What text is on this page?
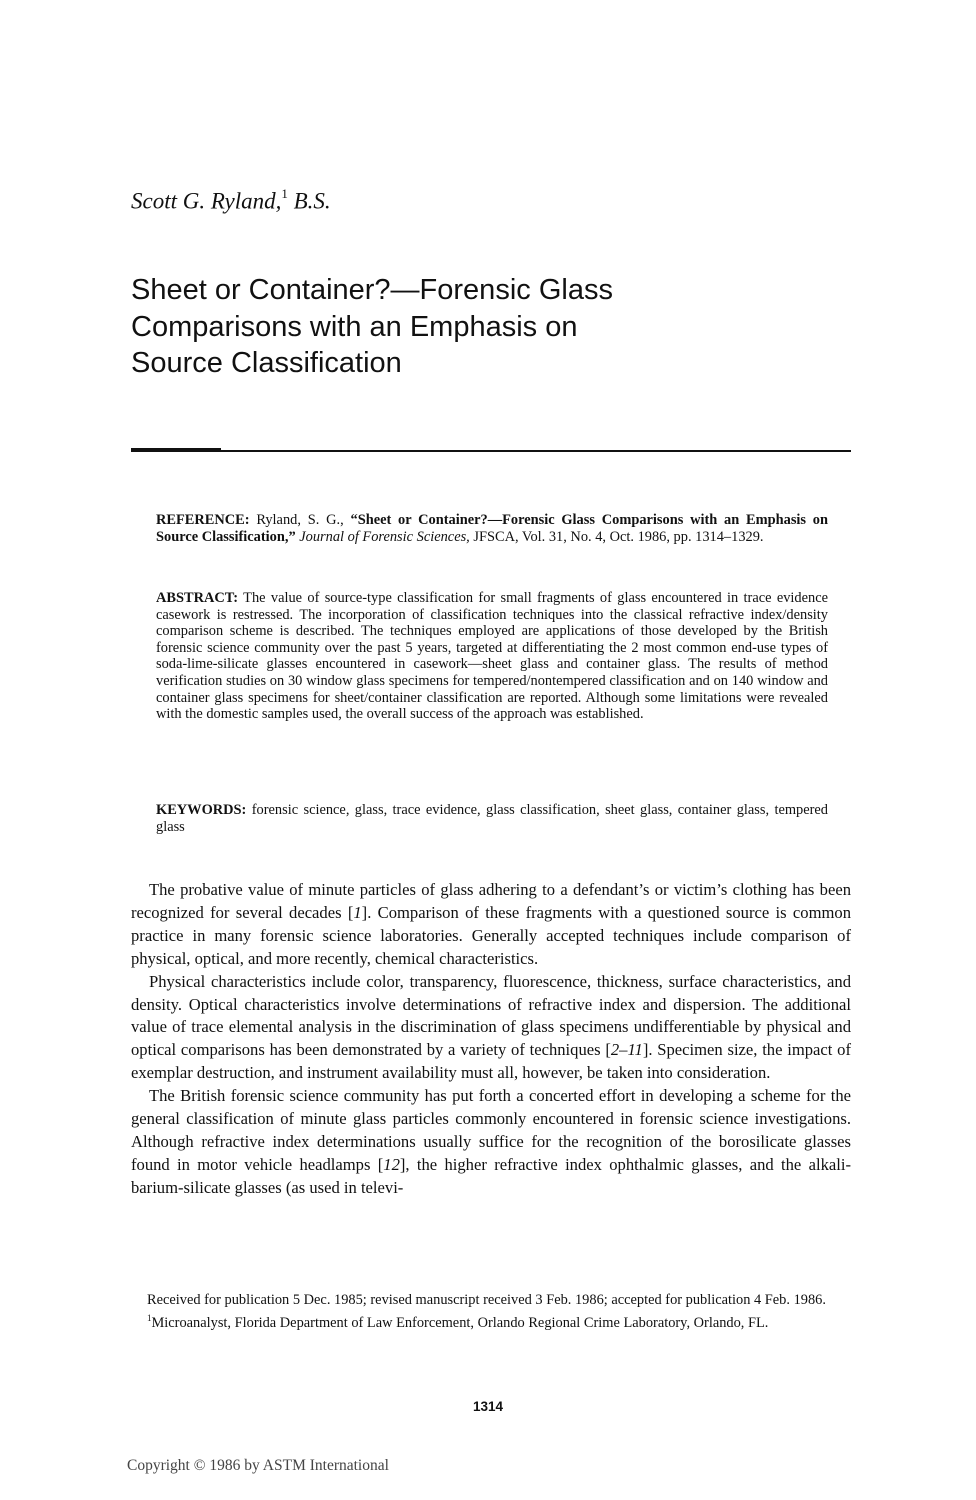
Scott G. Ryland,$^1$ B.S.
Sheet or Container?—Forensic Glass
Comparisons with an Emphasis on
Source Classification
REFERENCE: Ryland, S. G., “Sheet or Container?—Forensic Glass Comparisons with an Emphasis on Source Classification,” Journal of Forensic Sciences, JFSCA, Vol. 31, No. 4, Oct. 1986, pp. 1314–1329.
ABSTRACT: The value of source-type classification for small fragments of glass encountered in trace evidence casework is restressed. The incorporation of classification techniques into the classical refractive index/density comparison scheme is described. The techniques employed are applications of those developed by the British forensic science community over the past 5 years, targeted at differentiating the 2 most common end-use types of soda-lime-silicate glasses encountered in casework—sheet glass and container glass. The results of method verification studies on 30 window glass specimens for tempered/nontempered classification and on 140 window and container glass specimens for sheet/container classification are reported. Although some limitations were revealed with the domestic samples used, the overall success of the approach was established.
KEYWORDS: forensic science, glass, trace evidence, glass classification, sheet glass, container glass, tempered glass

The probative value of minute particles of glass adhering to a defendant’s or victim’s clothing has been recognized for several decades [1]. Comparison of these fragments with a questioned source is common practice in many forensic science laboratories. Generally accepted techniques include comparison of physical, optical, and more recently, chemical characteristics.

Physical characteristics include color, transparency, fluorescence, thickness, surface characteristics, and density. Optical characteristics involve determinations of refractive index and dispersion. The additional value of trace elemental analysis in the discrimination of glass specimens undifferentiable by physical and optical comparisons has been demonstrated by a variety of techniques [2–11]. Specimen size, the impact of exemplar destruction, and instrument availability must all, however, be taken into consideration.

The British forensic science community has put forth a concerted effort in developing a scheme for the general classification of minute glass particles commonly encountered in forensic science investigations. Although refractive index determinations usually suffice for the recognition of the borosilicate glasses found in motor vehicle headlamps [12], the higher refractive index ophthalmic glasses, and the alkali-barium-silicate glasses (as used in televi-

Received for publication 5 Dec. 1985; revised manuscript received 3 Feb. 1986; accepted for publication 4 Feb. 1986.

$^1$Microanalyst, Florida Department of Law Enforcement, Orlando Regional Crime Laboratory, Orlando, FL.

1314
Copyright © 1986 by ASTM International
